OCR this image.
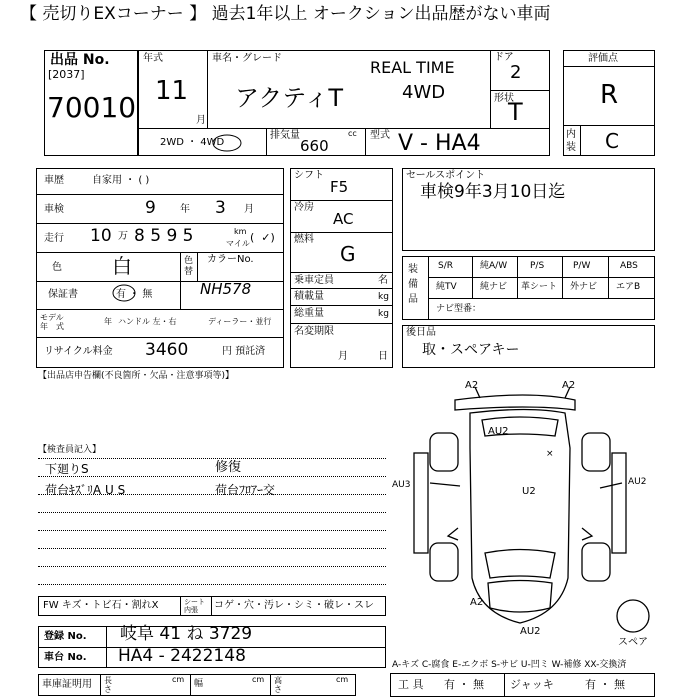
【 売切りEXコーナー 】 過去1年以上 オークション出品歴がない車両
出品 No.
[2037]
70010
年式
11
月
車名・グレード	REAL TIME
アクティT	4WD
ドア
2
形状
T
2WD ・ 4WD
排気量	cc
660
型式 V - HA4
評価点
R
内装 C
車歴	自家用 ・ ( )
車検	9 年 3 月
走行 10 万 8 5 9 5	km
マイル (  ✓)
色	白	色替
カラーNo.
NH578
保証書	有 ・ 無
モデル
年　式
年 ハンドル 左・右	ディーラー・並行
リサイクル料金 3460	円 預託済
シフト
F5
冷房
AC
燃料
G
乗車定員	名
積載量	kg
総重量	kg
名変期限
月	日
セールスポイント
車検9年3月10日迄
装備品
S/R	純A/W	P/S	P/W	ABS
純TV	純ナビ 革シート 外ナビ エアB
ナビ型番：
後日品
取・スペアキー
【出品店申告欄(不良箇所・欠品・注意事項等)】
【検査員記入】
下廻りS
荷台ｷｽﾞﾘA U S
修復
荷台ﾌﾛｱｰ交
×
A2	A2
AU2
AU3	AU2
U2
A2
AU2
スペア
FW キズ・トビ石・割れX	シート内張	コゲ・穴・汚レ・シミ・破レ・スレ
登録 No. 岐阜 41 ね 3729
車台 No. HA4 - 2422148	A-キズ C-腐食 E-エクボ S-サビ U-凹ミ W-補修 XX-交換済
車庫証明用 長さ
cm 幅	cm 高さ
cm	工 具 有 ・ 無 ジャッキ	有 ・ 無
